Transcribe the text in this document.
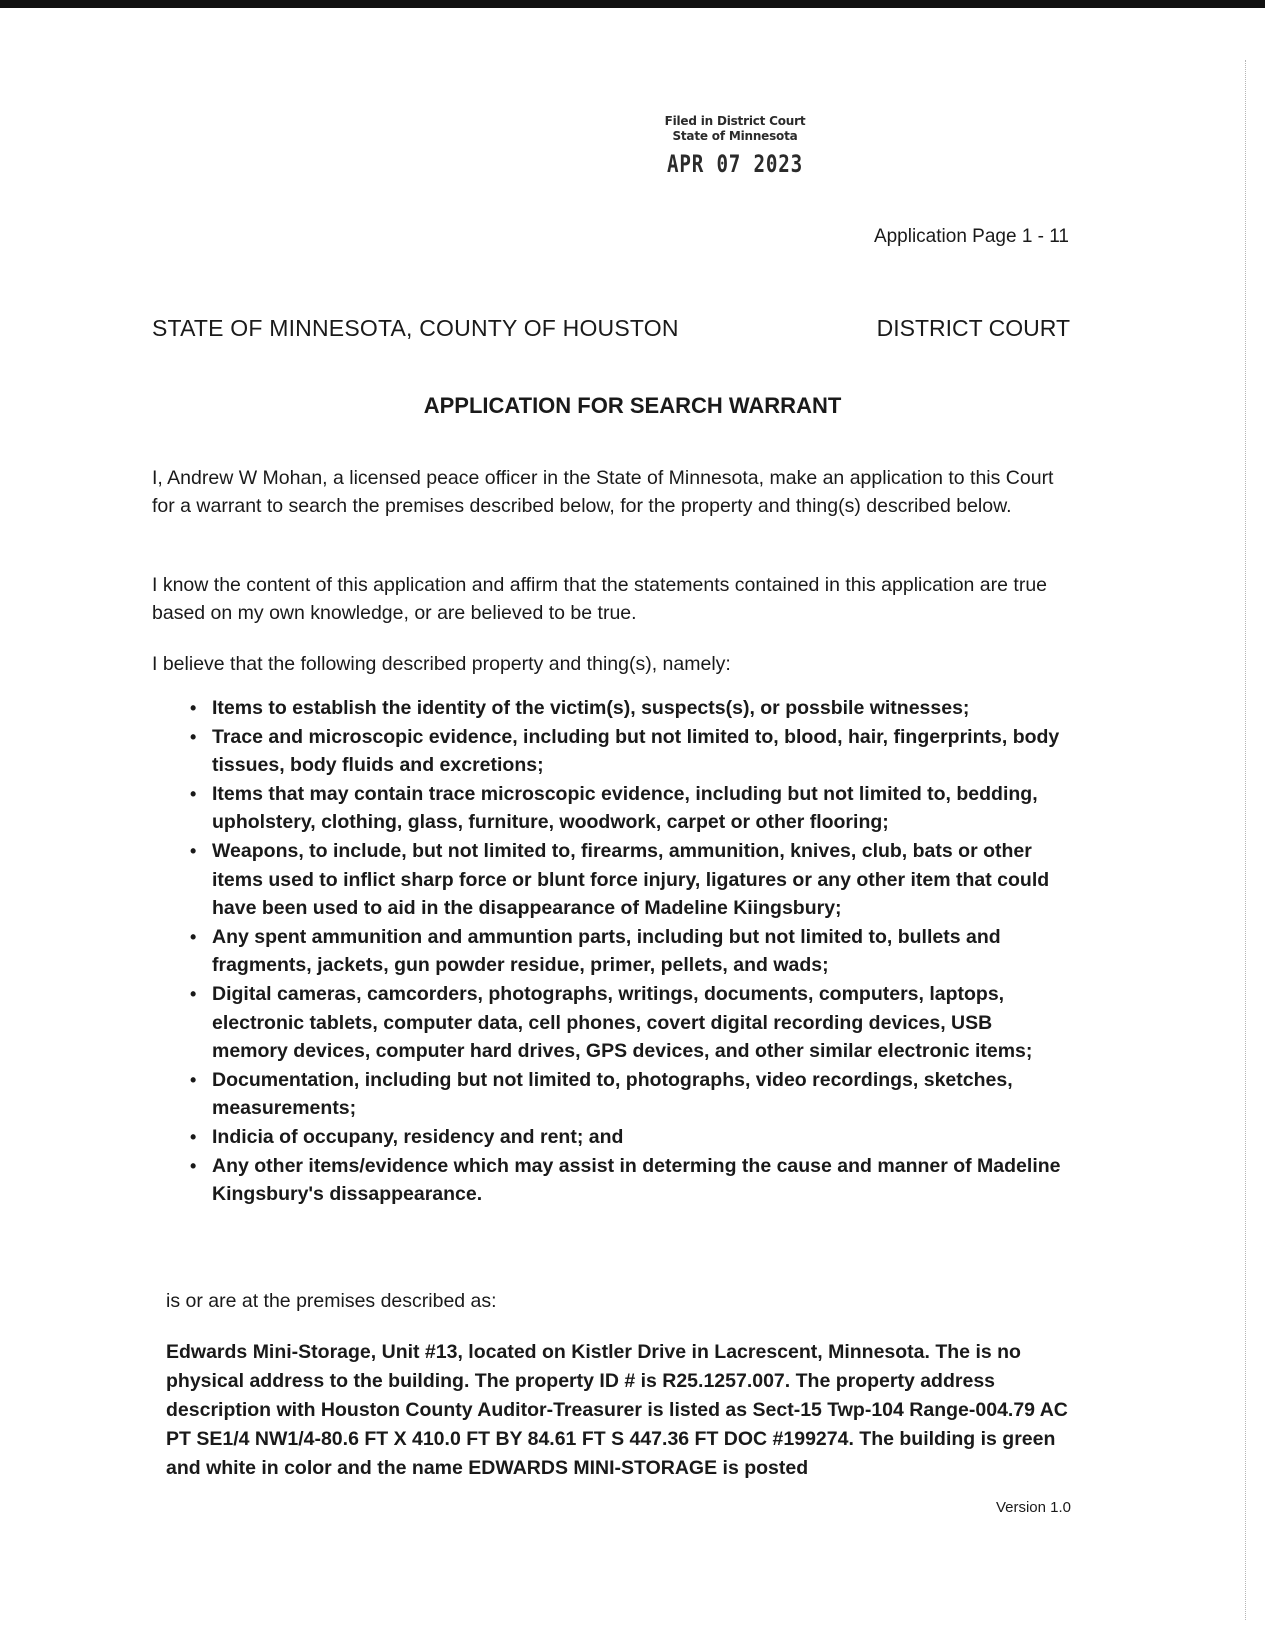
Filed in District Court
State of Minnesota
APR 07 2023
Application Page 1 - 11
STATE OF MINNESOTA, COUNTY OF HOUSTON	DISTRICT COURT
APPLICATION FOR SEARCH WARRANT
I, Andrew W Mohan, a licensed peace officer in the State of Minnesota, make an application to this Court for a warrant to search the premises described below, for the property and thing(s) described below.
I know the content of this application and affirm that the statements contained in this application are true based on my own knowledge, or are believed to be true.
I believe that the following described property and thing(s), namely:
• Items to establish the identity of the victim(s), suspects(s), or possbile witnesses;
• Trace and microscopic evidence, including but not limited to, blood, hair, fingerprints, body tissues, body fluids and excretions;
• Items that may contain trace microscopic evidence, including but not limited to, bedding, upholstery, clothing, glass, furniture, woodwork, carpet or other flooring;
• Weapons, to include, but not limited to, firearms, ammunition, knives, club, bats or other items used to inflict sharp force or blunt force injury, ligatures or any other item that could have been used to aid in the disappearance of Madeline Kiingsbury;
• Any spent ammunition and ammuntion parts, including but not limited to, bullets and fragments, jackets, gun powder residue, primer, pellets, and wads;
• Digital cameras, camcorders, photographs, writings, documents, computers, laptops, electronic tablets, computer data, cell phones, covert digital recording devices, USB memory devices, computer hard drives, GPS devices, and other similar electronic items;
• Documentation, including but not limited to, photographs, video recordings, sketches, measurements;
• Indicia of occupany, residency and rent; and
• Any other items/evidence which may assist in determing the cause and manner of Madeline Kingsbury's dissappearance.
is or are at the premises described as:
Edwards Mini-Storage, Unit #13, located on Kistler Drive in Lacrescent, Minnesota. The is no physical address to the building. The property ID # is R25.1257.007. The property address description with Houston County Auditor-Treasurer is listed as Sect-15 Twp-104 Range-004.79 AC PT SE1/4 NW1/4-80.6 FT X 410.0 FT BY 84.61 FT S 447.36 FT DOC #199274. The building is green and white in color and the name EDWARDS MINI-STORAGE is posted
Version 1.0
